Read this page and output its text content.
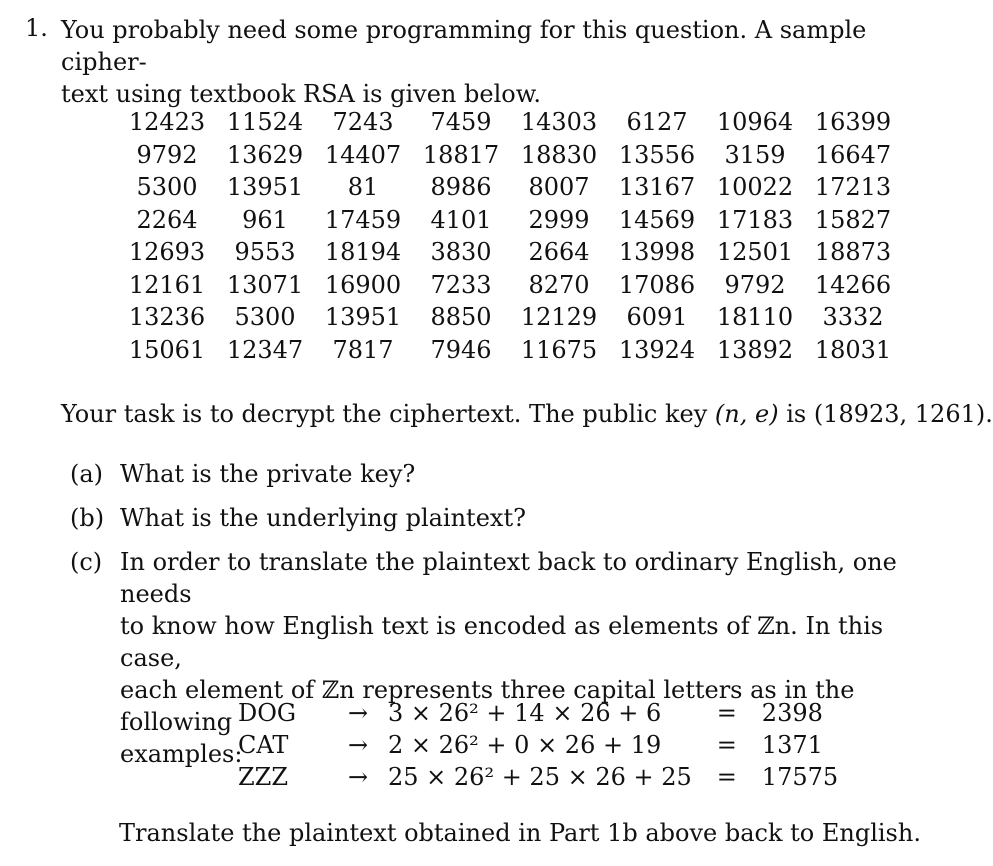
1. You probably need some programming for this question. A sample cipher-
text using textbook RSA is given below.
12423	11524	7243	7459	14303	6127	10964	16399
9792	13629	14407	18817	18830	13556	3159	16647
5300	13951	81	8986	8007	13167	10022	17213
2264	961	17459	4101	2999	14569	17183	15827
12693	9553	18194	3830	2664	13998	12501	18873
12161	13071	16900	7233	8270	17086	9792	14266
13236	5300	13951	8850	12129	6091	18110	3332
15061	12347	7817	7946	11675	13924	13892	18031
Your task is to decrypt the ciphertext. The public key (n, e) is (18923, 1261).
(a) What is the private key?
(b) What is the underlying plaintext?
(c) In order to translate the plaintext back to ordinary English, one needs
to know how English text is encoded as elements of ℤn. In this case,
each element of ℤn represents three capital letters as in the following
examples:
DOG	→	3 × 26² + 14 × 26 + 6	=	2398
CAT	→	2 × 26² + 0 × 26 + 19	=	1371
ZZZ	→	25 × 26² + 25 × 26 + 25	=	17575
Translate the plaintext obtained in Part 1b above back to English.
